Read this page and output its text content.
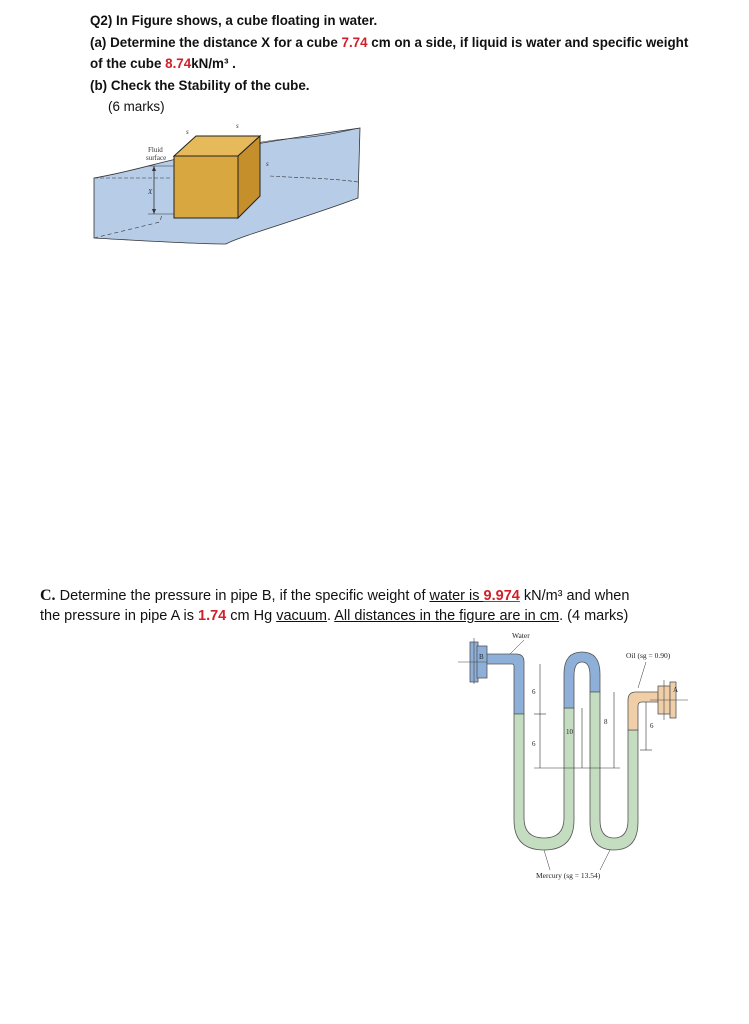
Q2) In Figure shows, a cube floating in water.
(a) Determine the distance X for a cube 7.74 cm on a side, if liquid is water and specific weight
of the cube 8.74kN/m³ .
(b) Check the Stability of the cube.
(6 marks)
Fluid
surface
X
s
s
s
C. Determine the pressure in pipe B, if the specific weight of water is 9.974 kN/m³ and when
the pressure in pipe A is 1.74 cm Hg vacuum. All distances in the figure are in cm. (4 marks)
B
A
6
6
10
8	6
Water
Oil (sg = 0.90)
Mercury (sg = 13.54)
